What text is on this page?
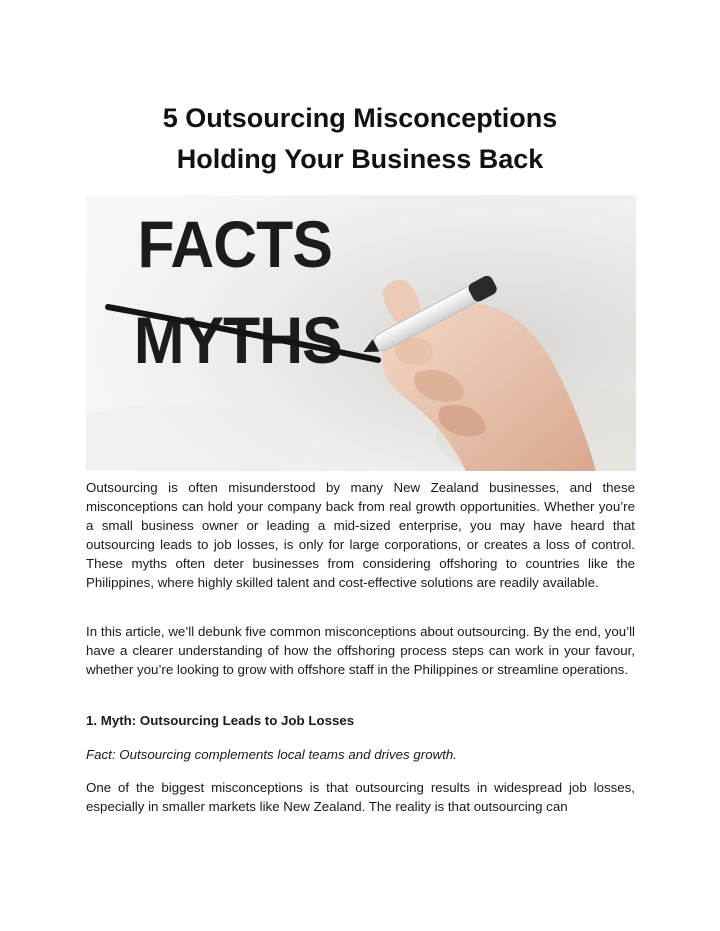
5 Outsourcing Misconceptions
Holding Your Business Back
FACTS
MYTHS

Outsourcing is often misunderstood by many New Zealand businesses, and these misconceptions can hold your company back from real growth opportunities. Whether you’re a small business owner or leading a mid-sized enterprise, you may have heard that outsourcing leads to job losses, is only for large corporations, or creates a loss of control. These myths often deter businesses from considering offshoring to countries like the Philippines, where highly skilled talent and cost-effective solutions are readily available.

In this article, we’ll debunk five common misconceptions about outsourcing. By the end, you’ll have a clearer understanding of how the offshoring process steps can work in your favour, whether you’re looking to grow with offshore staff in the Philippines or streamline operations.

1. Myth: Outsourcing Leads to Job Losses

Fact: Outsourcing complements local teams and drives growth.

One of the biggest misconceptions is that outsourcing results in widespread job losses, especially in smaller markets like New Zealand. The reality is that outsourcing can
